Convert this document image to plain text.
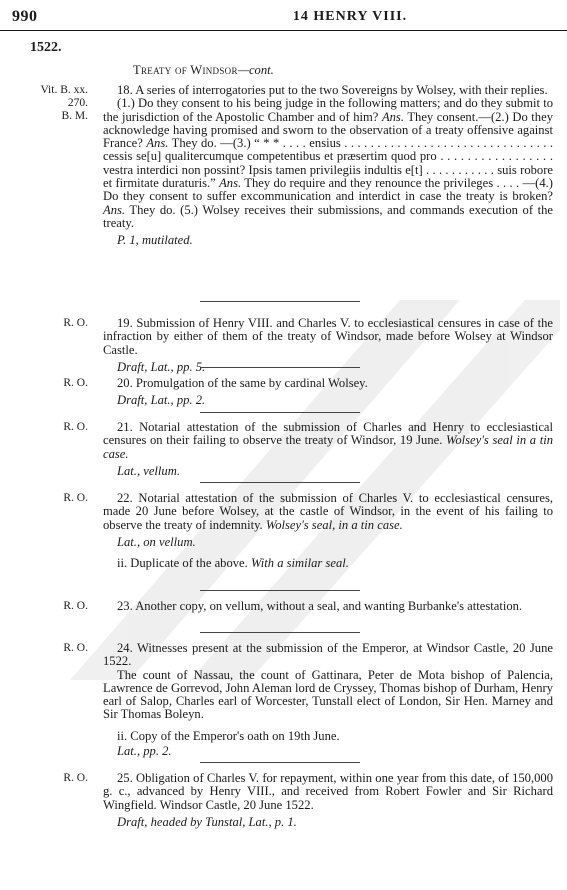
990	14 HENRY VIII.
1522.
Treaty of Windsor—cont.
Vit. B. xx.
270.
B. M.

18. A series of interrogatories put to the two Sovereigns by Wolsey, with their replies.

(1.) Do they consent to his being judge in the following matters; and do they submit to the jurisdiction of the Apostolic Chamber and of him? Ans. They consent.—(2.) Do they acknowledge having promised and sworn to the observation of a treaty offensive against France? Ans. They do. —(3.) “ * * . . . . ensius . . . . . . . . . . . . . . . . . . . . . . . . . . . . . . . . cessis se[u] qualitercumque competentibus et præsertim quod pro . . . . . . . . . . . . . . . . . vestra interdici non possint? Ipsis tamen privilegiis indultis e[t] . . . . . . . . . . . suis robore et firmitate duraturis.” Ans. They do require and they renounce the privileges . . . . —(4.) Do they consent to suffer excommunication and interdict in case the treaty is broken? Ans. They do. (5.) Wolsey receives their submissions, and commands execution of the treaty.

P. 1, mutilated.

R. O.	19. Submission of Henry VIII. and Charles V. to ecclesiastical censures in case of the infraction by either of them of the treaty of Windsor, made before Wolsey at Windsor Castle.

Draft, Lat., pp. 5.

R. O.	20. Promulgation of the same by cardinal Wolsey.

Draft, Lat., pp. 2.

R. O.	21. Notarial attestation of the submission of Charles and Henry to ecclesiastical censures on their failing to observe the treaty of Windsor, 19 June. Wolsey's seal in a tin case.

Lat., vellum.

R. O.	22. Notarial attestation of the submission of Charles V. to ecclesiastical censures, made 20 June before Wolsey, at the castle of Windsor, in the event of his failing to observe the treaty of indemnity. Wolsey's seal, in a tin case.

Lat., on vellum.

ii. Duplicate of the above. With a similar seal.

R. O.	23. Another copy, on vellum, without a seal, and wanting Burbanke's attestation.

R. O.	24. Witnesses present at the submission of the Emperor, at Windsor Castle, 20 June 1522.

The count of Nassau, the count of Gattinara, Peter de Mota bishop of Palencia, Lawrence de Gorrevod, John Aleman lord de Cryssey, Thomas bishop of Durham, Henry earl of Salop, Charles earl of Worcester, Tunstall elect of London, Sir Hen. Marney and Sir Thomas Boleyn.

ii. Copy of the Emperor's oath on 19th June.

Lat., pp. 2.

R. O.	25. Obligation of Charles V. for repayment, within one year from this date, of 150,000 g. c., advanced by Henry VIII., and received from Robert Fowler and Sir Richard Wingfield. Windsor Castle, 20 June 1522.

Draft, headed by Tunstal, Lat., p. 1.
